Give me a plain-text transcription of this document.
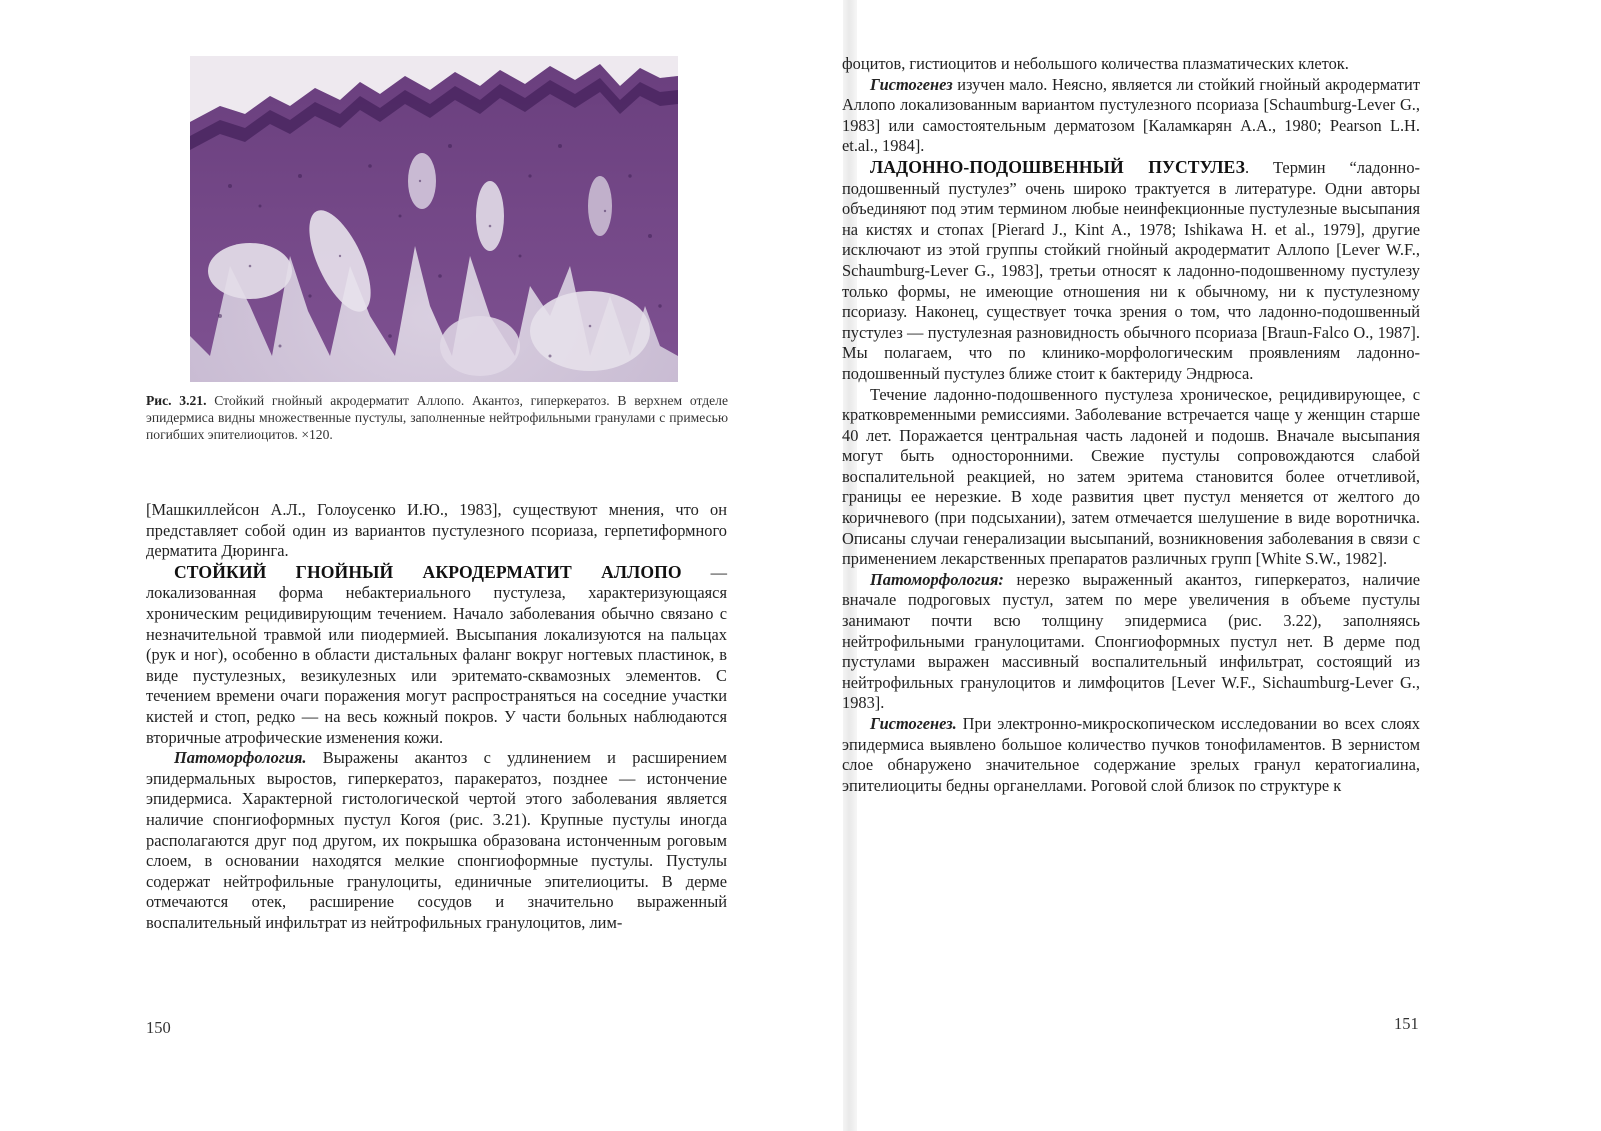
Рис. 3.21. Стойкий гнойный акродерматит Аллопо. Акантоз, гиперкератоз. В верхнем отделе эпидермиса видны множественные пустулы, заполненные нейтрофильными гранулами с примесью погибших эпителиоцитов. ×120.

[Машкиллейсон А.Л., Голоусенко И.Ю., 1983], существуют мнения, что он представляет собой один из вариантов пустулезного псориаза, герпетиформного дерматита Дюринга.

СТОЙКИЙ ГНОЙНЫЙ АКРОДЕРМАТИТ АЛЛОПО — локализованная форма небактериального пустулеза, характеризующаяся хроническим рецидивирующим течением. Начало заболевания обычно связано с незначительной травмой или пиодермией. Высыпания локализуются на пальцах (рук и ног), особенно в области дистальных фаланг вокруг ногтевых пластинок, в виде пустулезных, везикулезных или эритемато-сквамозных элементов. С течением времени очаги поражения могут распространяться на соседние участки кистей и стоп, редко — на весь кожный покров. У части больных наблюдаются вторичные атрофические изменения кожи.

Патоморфология. Выражены акантоз с удлинением и расширением эпидермальных выростов, гиперкератоз, паракератоз, позднее — истончение эпидермиса. Характерной гистологической чертой этого заболевания является наличие спонгиоформных пустул Когоя (рис. 3.21). Крупные пустулы иногда располагаются друг под другом, их покрышка образована истонченным роговым слоем, в основании находятся мелкие спонгиоформные пустулы. Пустулы содержат нейтрофильные гранулоциты, единичные эпителиоциты. В дерме отмечаются отек, расширение сосудов и значительно выраженный воспалительный инфильтрат из нейтрофильных гранулоцитов, лим-

150

фоцитов, гистиоцитов и небольшого количества плазматических клеток.

Гистогенез изучен мало. Неясно, является ли стойкий гнойный акродерматит Аллопо локализованным вариантом пустулезного псориаза [Schaumburg-Lever G., 1983] или самостоятельным дерматозом [Каламкарян А.А., 1980; Pearson L.H. et.al., 1984].

ЛАДОННО-ПОДОШВЕННЫЙ ПУСТУЛЕЗ. Термин “ладонно-подошвенный пустулез” очень широко трактуется в литературе. Одни авторы объединяют под этим термином любые неинфекционные пустулезные высыпания на кистях и стопах [Pierard J., Kint A., 1978; Ishikawa H. et al., 1979], другие исключают из этой группы стойкий гнойный акродерматит Аллопо [Lever W.F., Schaumburg-Lever G., 1983], третьи относят к ладонно-подошвенному пустулезу только формы, не имеющие отношения ни к обычному, ни к пустулезному псориазу. Наконец, существует точка зрения о том, что ладонно-подошвенный пустулез — пустулезная разновидность обычного псориаза [Braun-Falco O., 1987]. Мы полагаем, что по клинико-морфологическим проявлениям ладонно-подошвенный пустулез ближе стоит к бактериду Эндрюса.

Течение ладонно-подошвенного пустулеза хроническое, рецидивирующее, с кратковременными ремиссиями. Заболевание встречается чаще у женщин старше 40 лет. Поражается центральная часть ладоней и подошв. Вначале высыпания могут быть односторонними. Свежие пустулы сопровождаются слабой воспалительной реакцией, но затем эритема становится более отчетливой, границы ее нерезкие. В ходе развития цвет пустул меняется от желтого до коричневого (при подсыхании), затем отмечается шелушение в виде воротничка. Описаны случаи генерализации высыпаний, возникновения заболевания в связи с применением лекарственных препаратов различных групп [White S.W., 1982].

Патоморфология: нерезко выраженный акантоз, гиперкератоз, наличие вначале подроговых пустул, затем по мере увеличения в объеме пустулы занимают почти всю толщину эпидермиса (рис. 3.22), заполняясь нейтрофильными гранулоцитами. Спонгиоформных пустул нет. В дерме под пустулами выражен массивный воспалительный инфильтрат, состоящий из нейтрофильных гранулоцитов и лимфоцитов [Lever W.F., Sichaumburg-Lever G., 1983].

Гистогенез. При электронно-микроскопическом исследовании во всех слоях эпидермиса выявлено большое количество пучков тонофиламентов. В зернистом слое обнаружено значительное содержание зрелых гранул кератогиалина, эпителиоциты бедны органеллами. Роговой слой близок по структуре к

151
